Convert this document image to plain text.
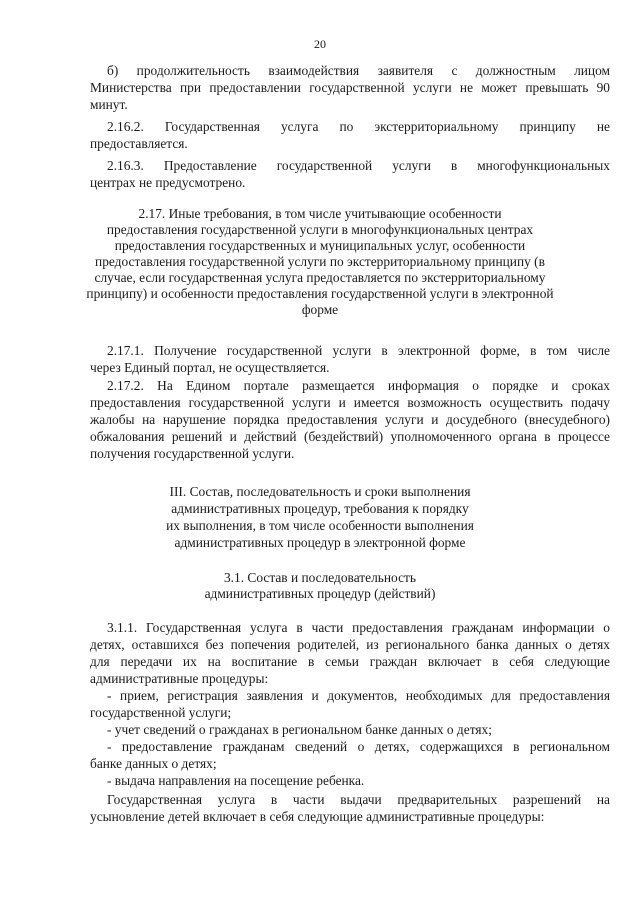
20
б) продолжительность взаимодействия заявителя с должностным лицом
Министерства при предоставлении государственной услуги не может превышать 90
минут.
2.16.2. Государственная услуга по экстерриториальному принципу не
предоставляется.
2.16.3. Предоставление государственной услуги в многофункциональных
центрах не предусмотрено.
2.17. Иные требования, в том числе учитывающие особенности
предоставления государственной услуги в многофункциональных центрах
предоставления государственных и муниципальных услуг, особенности
предоставления государственной услуги по экстерриториальному принципу (в
случае, если государственная услуга предоставляется по экстерриториальному
принципу) и особенности предоставления государственной услуги в электронной
форме
2.17.1. Получение государственной услуги в электронной форме, в том числе
через Единый портал, не осуществляется.
2.17.2. На Едином портале размещается информация о порядке и сроках
предоставления государственной услуги и имеется возможность осуществить подачу
жалобы на нарушение порядка предоставления услуги и досудебного (внесудебного)
обжалования решений и действий (бездействий) уполномоченного органа в процессе
получения государственной услуги.
III. Состав, последовательность и сроки выполнения
административных процедур, требования к порядку
их выполнения, в том числе особенности выполнения
административных процедур в электронной форме
3.1. Состав и последовательность
административных процедур (действий)
3.1.1. Государственная услуга в части предоставления гражданам информации о
детях, оставшихся без попечения родителей, из регионального банка данных о детях
для передачи их на воспитание в семьи граждан включает в себя следующие
административные процедуры:
- прием, регистрация заявления и документов, необходимых для предоставления
государственной услуги;
- учет сведений о гражданах в региональном банке данных о детях;
- предоставление гражданам сведений о детях, содержащихся в региональном
банке данных о детях;
- выдача направления на посещение ребенка.
Государственная услуга в части выдачи предварительных разрешений на
усыновление детей включает в себя следующие административные процедуры:
